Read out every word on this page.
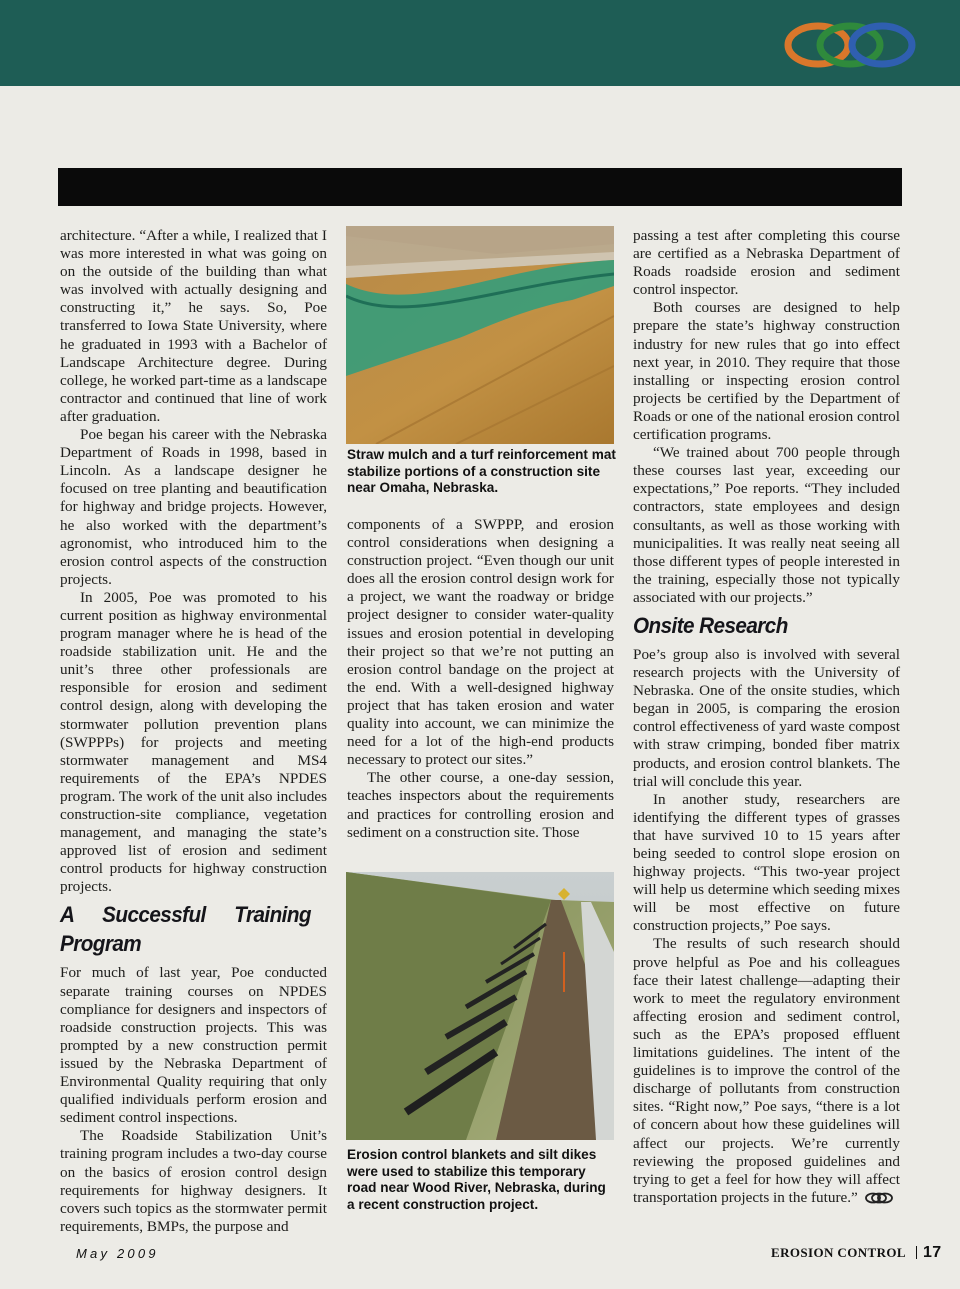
architecture. “After a while, I realized that I was more interested in what was going on on the outside of the building than what was involved with actually designing and constructing it,” he says. So, Poe transferred to Iowa State University, where he graduated in 1993 with a Bachelor of Landscape Architecture degree. During college, he worked part-time as a landscape contractor and continued that line of work after graduation.

Poe began his career with the Nebraska Department of Roads in 1998, based in Lincoln. As a landscape designer he focused on tree planting and beautification for highway and bridge projects. However, he also worked with the department’s agronomist, who introduced him to the erosion control aspects of the construction projects.

In 2005, Poe was promoted to his current position as highway environmental program manager where he is head of the roadside stabilization unit. He and the unit’s three other professionals are responsible for erosion and sediment control design, along with developing the stormwater pollution prevention plans (SWPPPs) for projects and meeting stormwater management and MS4 requirements of the EPA’s NPDES program. The work of the unit also includes construction-site compliance, vegetation management, and managing the state’s approved list of erosion and sediment control products for highway construction projects.

A Successful Training Program

For much of last year, Poe conducted separate training courses on NPDES compliance for designers and inspectors of roadside construction projects. This was prompted by a new construction permit issued by the Nebraska Department of Environmental Quality requiring that only qualified individuals perform erosion and sediment control inspections.

The Roadside Stabilization Unit’s training program includes a two-day course on the basics of erosion control design requirements for highway designers. It covers such topics as the stormwater permit requirements, BMPs, the purpose and

Straw mulch and a turf reinforcement mat stabilize portions of a construction site near Omaha, Nebraska.

components of a SWPPP, and erosion control considerations when designing a construction project. “Even though our unit does all the erosion control design work for a project, we want the roadway or bridge project designer to consider water-quality issues and erosion potential in developing their project so that we’re not putting an erosion control bandage on the project at the end. With a well-designed highway project that has taken erosion and water quality into account, we can minimize the need for a lot of the high-end products necessary to protect our sites.”

The other course, a one-day session, teaches inspectors about the requirements and practices for controlling erosion and sediment on a construction site. Those

Erosion control blankets and silt dikes were used to stabilize this temporary road near Wood River, Nebraska, during a recent construction project.

passing a test after completing this course are certified as a Nebraska Department of Roads roadside erosion and sediment control inspector.

Both courses are designed to help prepare the state’s highway construction industry for new rules that go into effect next year, in 2010. They require that those installing or inspecting erosion control projects be certified by the Department of Roads or one of the national erosion control certification programs.

“We trained about 700 people through these courses last year, exceeding our expectations,” Poe reports. “They included contractors, state employees and design consultants, as well as those working with municipalities. It was really neat seeing all those different types of people interested in the training, especially those not typically associated with our projects.”

Onsite Research

Poe’s group also is involved with several research projects with the University of Nebraska. One of the onsite studies, which began in 2005, is comparing the erosion control effectiveness of yard waste compost with straw crimping, bonded fiber matrix products, and erosion control blankets. The trial will conclude this year.

In another study, researchers are identifying the different types of grasses that have survived 10 to 15 years after being seeded to control slope erosion on highway projects. “This two-year project will help us determine which seeding mixes will be most effective on future construction projects,” Poe says.

The results of such research should prove helpful as Poe and his colleagues face their latest challenge—adapting their work to meet the regulatory environment affecting erosion and sediment control, such as the EPA’s proposed effluent limitations guidelines. The intent of the guidelines is to improve the control of the discharge of pollutants from construction sites. “Right now,” Poe says, “there is a lot of concern about how these guidelines will affect our projects. We’re currently reviewing the proposed guidelines and trying to get a feel for how they will affect transportation projects in the future.”

May 2009	EROSION CONTROL 17
